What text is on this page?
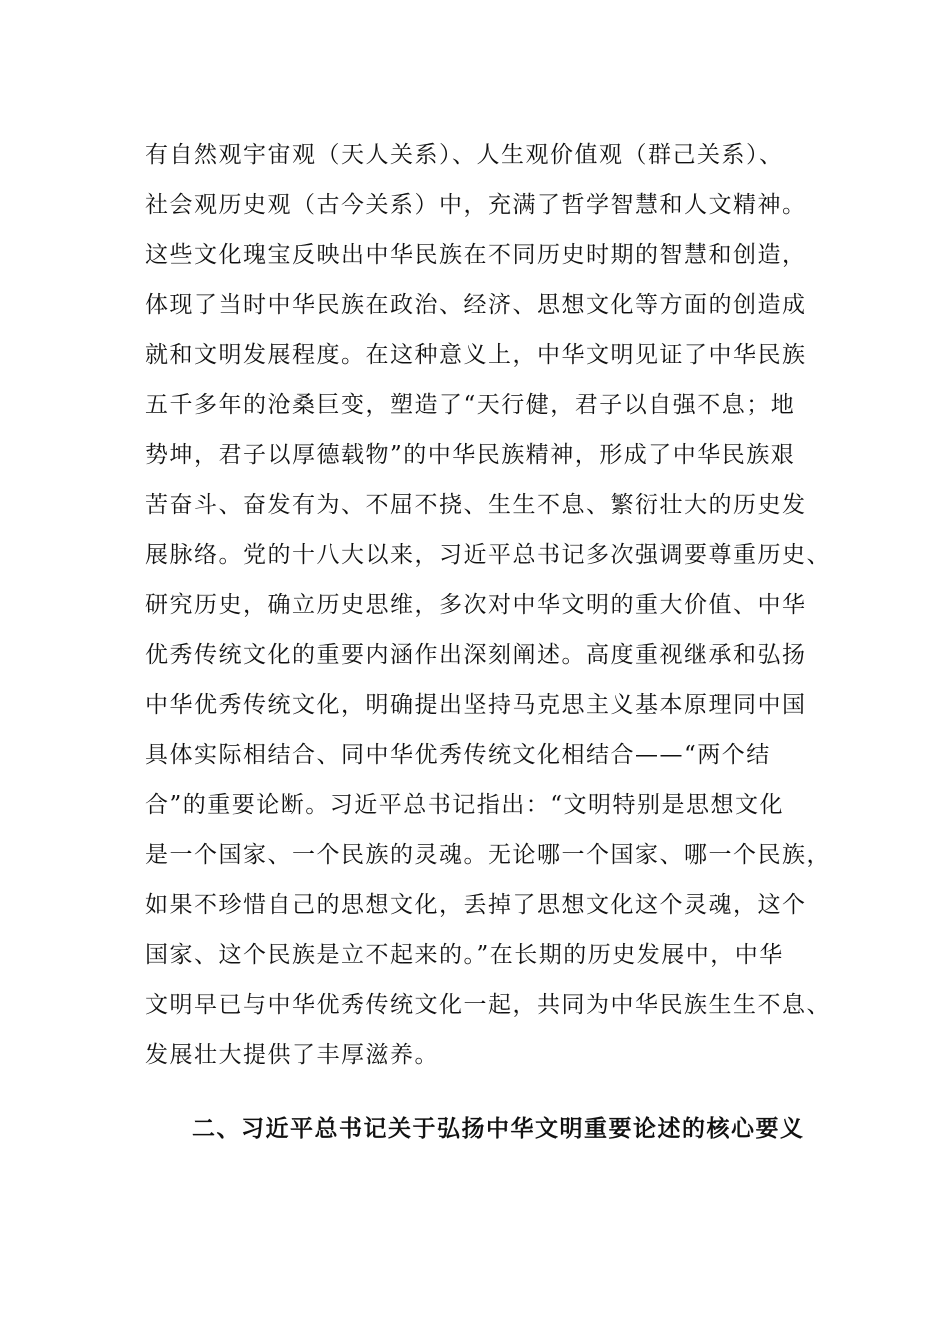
有自然观宇宙观（天人关系）、人生观价值观（群己关系）、
社会观历史观（古今关系）中，充满了哲学智慧和人文精神。
这些文化瑰宝反映出中华民族在不同历史时期的智慧和创造，
体现了当时中华民族在政治、经济、思想文化等方面的创造成
就和文明发展程度。在这种意义上，中华文明见证了中华民族
五千多年的沧桑巨变，塑造了“天行健，君子以自强不息；地
势坤，君子以厚德载物”的中华民族精神，形成了中华民族艰
苦奋斗、奋发有为、不屈不挠、生生不息、繁衍壮大的历史发
展脉络。党的十八大以来，习近平总书记多次强调要尊重历史、
研究历史，确立历史思维，多次对中华文明的重大价值、中华
优秀传统文化的重要内涵作出深刻阐述。高度重视继承和弘扬
中华优秀传统文化，明确提出坚持马克思主义基本原理同中国
具体实际相结合、同中华优秀传统文化相结合——“两个结
合”的重要论断。习近平总书记指出：“文明特别是思想文化
是一个国家、一个民族的灵魂。无论哪一个国家、哪一个民族，
如果不珍惜自己的思想文化，丢掉了思想文化这个灵魂，这个
国家、这个民族是立不起来的。”在长期的历史发展中，中华
文明早已与中华优秀传统文化一起，共同为中华民族生生不息、
发展壮大提供了丰厚滋养。
二、习近平总书记关于弘扬中华文明重要论述的核心要义
